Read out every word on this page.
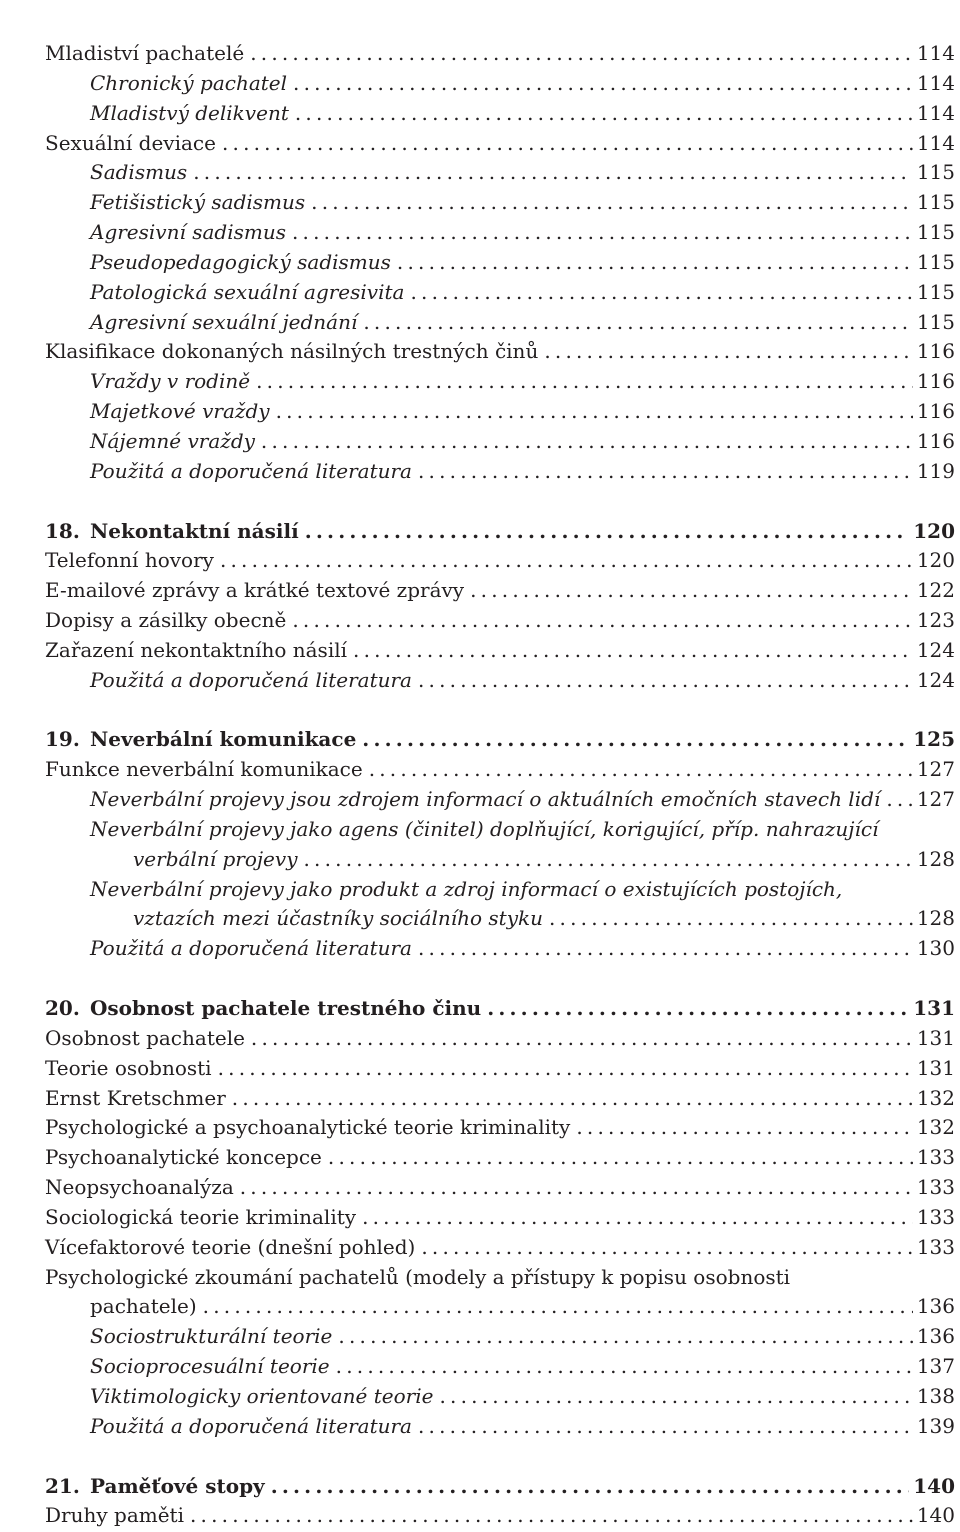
Mladiství pachatelé .....	114
Chronický pachatel .....	114
Mladistvý delikvent .....	114
Sexuální deviace .....	114
Sadismus .....	115
Fetišistický sadismus .....	115
Agresivní sadismus .....	115
Pseudopedagogický sadismus .....	115
Patologická sexuální agresivita .....	115
Agresivní sexuální jednání .....	115
Klasifikace dokonaných násilných trestných činů .....	116
Vraždy v rodině .....	116
Majetkové vraždy .....	116
Nájemné vraždy .....	116
Použitá a doporučená literatura .....	119
18. Nekontaktní násilí .....	120
Telefonní hovory .....	120
E-mailové zprávy a krátké textové zprávy .....	122
Dopisy a zásilky obecně .....	123
Zařazení nekontaktního násilí .....	124
Použitá a doporučená literatura .....	124
19. Neverbální komunikace .....	125
Funkce neverbální komunikace .....	127
Neverbální projevy jsou zdrojem informací o aktuálních emočních stavech lidí ..... 127
Neverbální projevy jako agens (činitel) doplňující, korigující, příp. nahrazující
verbální projevy .....	128
Neverbální projevy jako produkt a zdroj informací o existujících postojích,
vztazích mezi účastníky sociálního styku .....	128
Použitá a doporučená literatura .....	130
20. Osobnost pachatele trestného činu .....	131
Osobnost pachatele .....	131
Teorie osobnosti .....	131
Ernst Kretschmer .....	132
Psychologické a psychoanalytické teorie kriminality .....	132
Psychoanalytické koncepce .....	133
Neopsychoanalýza .....	133
Sociologická teorie kriminality .....	133
Vícefaktorové teorie (dnešní pohled) .....	133
Psychologické zkoumání pachatelů (modely a přístupy k popisu osobnosti
pachatele) .....	136
Sociostrukturální teorie .....	136
Socioprocesuální teorie .....	137
Viktimologicky orientované teorie .....	138
Použitá a doporučená literatura .....	139
21. Paměťové stopy .....	140
Druhy paměti .....	140
